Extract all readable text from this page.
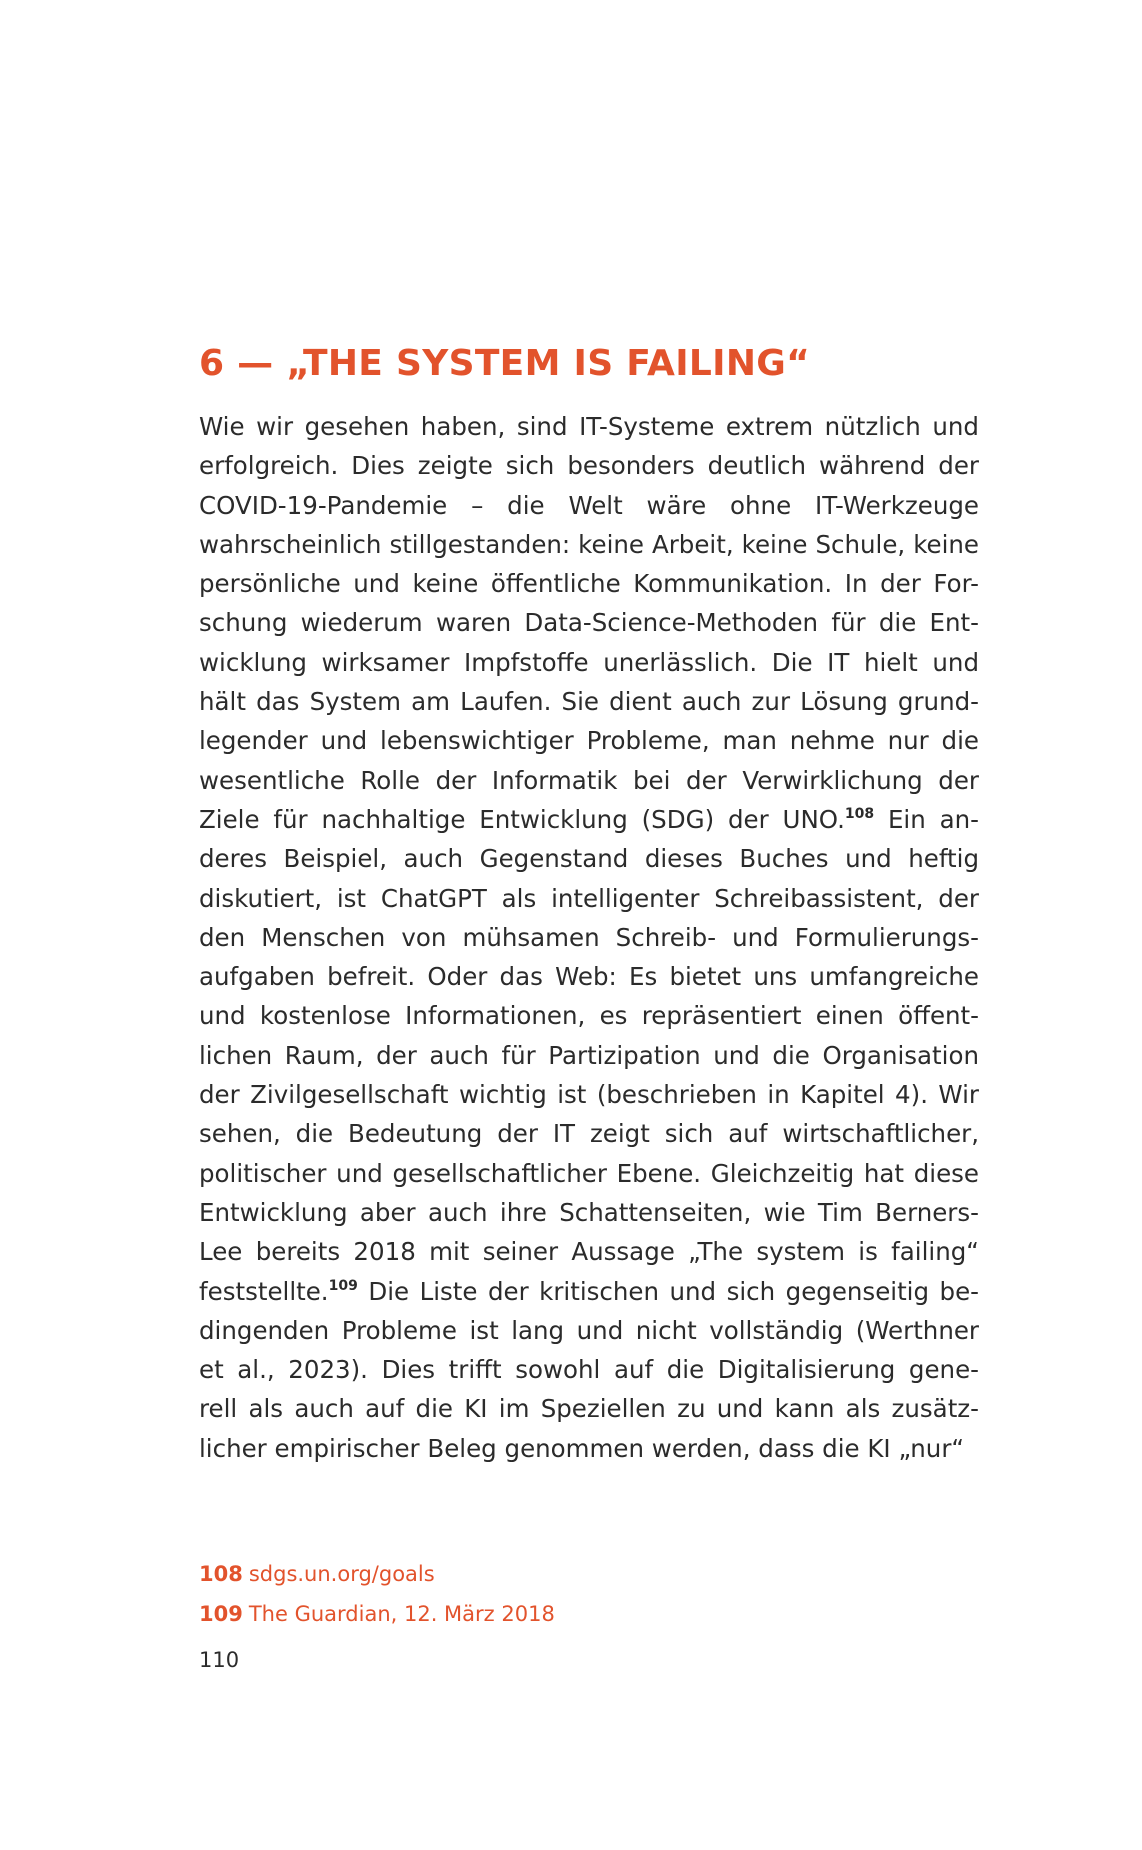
6 — „THE SYSTEM IS FAILING“
Wie wir gesehen haben, sind IT-Systeme extrem nützlich und
erfolgreich. Dies zeigte sich besonders deutlich während der
COVID-19-Pandemie – die Welt wäre ohne IT-Werkzeuge
wahrscheinlich stillgestanden: keine Arbeit, keine Schule, keine
persönliche und keine öffentliche Kommunikation. In der For-
schung wiederum waren Data-Science-Methoden für die Ent-
wicklung wirksamer Impfstoffe unerlässlich. Die IT hielt und
hält das System am Laufen. Sie dient auch zur Lösung grund-
legender und lebenswichtiger Probleme, man nehme nur die
wesentliche Rolle der Informatik bei der Verwirklichung der
Ziele für nachhaltige Entwicklung (SDG) der UNO.$^{108}$ Ein an-
deres Beispiel, auch Gegenstand dieses Buches und heftig
diskutiert, ist ChatGPT als intelligenter Schreibassistent, der
den Menschen von mühsamen Schreib- und Formulierungs-
aufgaben befreit. Oder das Web: Es bietet uns umfangreiche
und kostenlose Informationen, es repräsentiert einen öffent-
lichen Raum, der auch für Partizipation und die Organisation
der Zivilgesellschaft wichtig ist (beschrieben in Kapitel 4). Wir
sehen, die Bedeutung der IT zeigt sich auf wirtschaftlicher,
politischer und gesellschaftlicher Ebene. Gleichzeitig hat diese
Entwicklung aber auch ihre Schattenseiten, wie Tim Berners-
Lee bereits 2018 mit seiner Aussage „The system is failing“
feststellte.$^{109}$ Die Liste der kritischen und sich gegenseitig be-
dingenden Probleme ist lang und nicht vollständig (Werthner
et al., 2023). Dies trifft sowohl auf die Digitalisierung gene-
rell als auch auf die KI im Speziellen zu und kann als zusätz-
licher empirischer Beleg genommen werden, dass die KI „nur“
108 sdgs.un.org/goals
109 The Guardian, 12. März 2018
110
